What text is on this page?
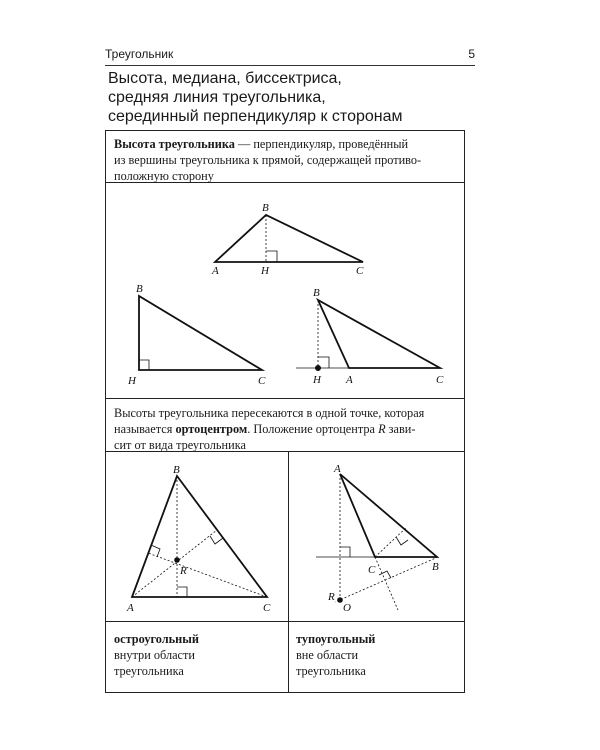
Треугольник	5
Высота, медиана, биссектриса,
средняя линия треугольника,
серединный перпендикуляр к сторонам
Высота треугольника — перпендикуляр, проведённый
из вершины треугольника к прямой, содержащей противо-
положную сторону
Высоты треугольника пересекаются в одной точке, которая
называется ортоцентром. Положение ортоцентра R зави-
сит от вида треугольника
остроугольный
внутри области
треугольника
тупоугольный
вне области
треугольника
B
A	H	C
B
H	C
B
H A	C
B
R
A	C
A
C	B
R
O
